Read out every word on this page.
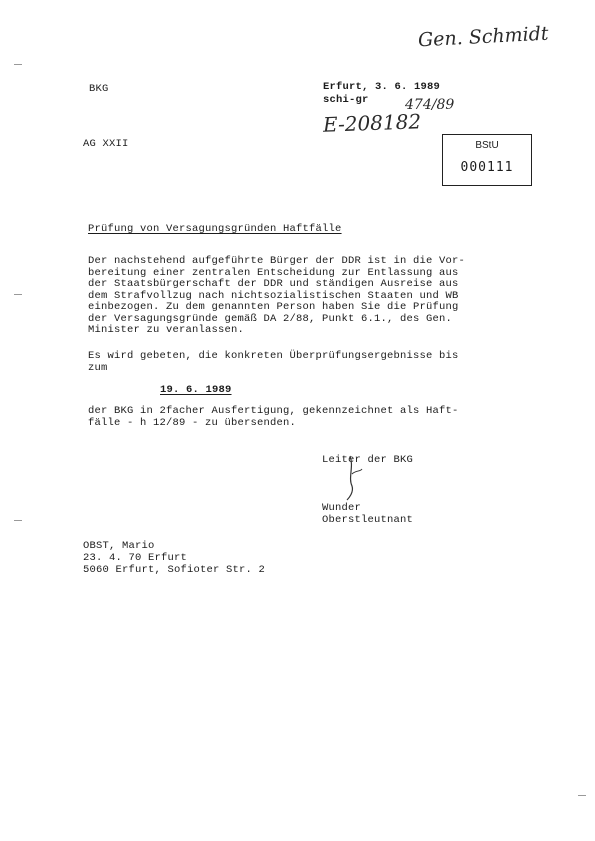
Gen. Schmidt
BKG	Erfurt, 3. 6. 1989
schi-gr	474/89
E-208182
AG XXII	BStU
000111
Prüfung von Versagungsgründen Haftfälle
Der nachstehend aufgeführte Bürger der DDR ist in die Vor-
bereitung einer zentralen Entscheidung zur Entlassung aus
der Staatsbürgerschaft der DDR und ständigen Ausreise aus
dem Strafvollzug nach nichtsozialistischen Staaten und WB
einbezogen. Zu dem genannten Person haben Sie die Prüfung
der Versagungsgründe gemäß DA 2/88, Punkt 6.1., des Gen.
Minister zu veranlassen.
Es wird gebeten, die konkreten Überprüfungsergebnisse bis
zum
19. 6. 1989
der BKG in 2facher Ausfertigung, gekennzeichnet als Haft-
fälle - h 12/89 - zu übersenden.
Leiter der BKG
Wunder
Oberstleutnant
OBST, Mario
23. 4. 70 Erfurt
5060 Erfurt, Sofioter Str. 2
